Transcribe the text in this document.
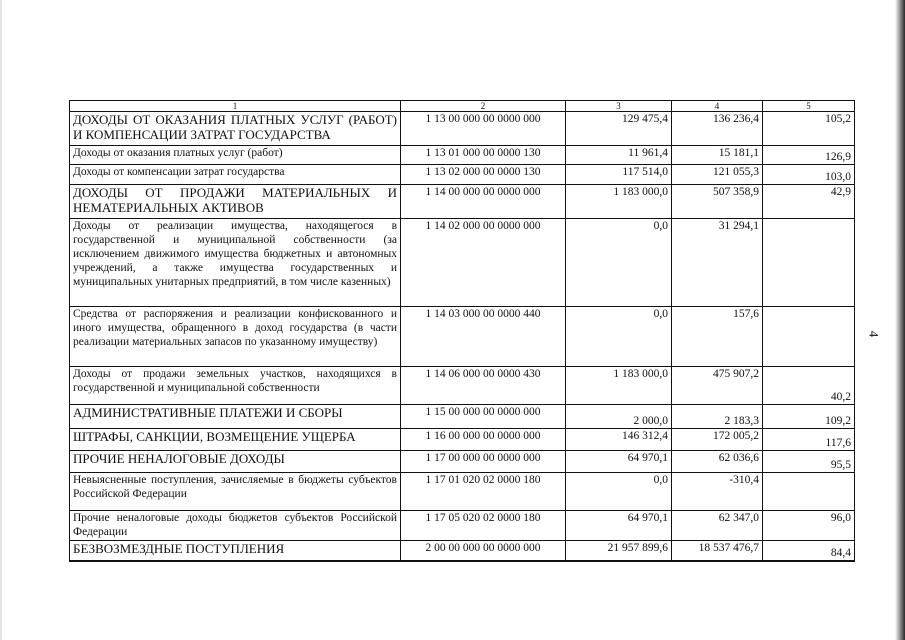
4
1	2	3	4	5
ДОХОДЫ ОТ ОКАЗАНИЯ ПЛАТНЫХ УСЛУГ (РАБОТ) И КОМПЕНСАЦИИ ЗАТРАТ ГОСУДАРСТВА	1 13 00 000 00 0000 000	129 475,4	136 236,4	105,2
Доходы от оказания платных услуг (работ)	1 13 01 000 00 0000 130	11 961,4	15 181,1	126,9
Доходы от компенсации затрат государства	1 13 02 000 00 0000 130	117 514,0	121 055,3	103,0
ДОХОДЫ ОТ ПРОДАЖИ МАТЕРИАЛЬНЫХ И НЕМАТЕРИАЛЬНЫХ АКТИВОВ	1 14 00 000 00 0000 000	1 183 000,0	507 358,9	42,9
Доходы от реализации имущества, находящегося в государственной и муниципальной собственности (за исключением движимого имущества бюджетных и автономных учреждений, а также имущества государственных и муниципальных унитарных предприятий, в том числе казенных)	1 14 02 000 00 0000 000	0,0	31 294,1	
Средства от распоряжения и реализации конфискованного и иного имущества, обращенного в доход государства (в части реализации материальных запасов по указанному имуществу)	1 14 03 000 00 0000 440	0,0	157,6	
Доходы от продажи земельных участков, находящихся в государственной и муниципальной собственности	1 14 06 000 00 0000 430	1 183 000,0	475 907,2	40,2
АДМИНИСТРАТИВНЫЕ ПЛАТЕЖИ И СБОРЫ	1 15 00 000 00 0000 000	2 000,0	2 183,3	109,2
ШТРАФЫ, САНКЦИИ, ВОЗМЕЩЕНИЕ УЩЕРБА	1 16 00 000 00 0000 000	146 312,4	172 005,2	117,6
ПРОЧИЕ НЕНАЛОГОВЫЕ ДОХОДЫ	1 17 00 000 00 0000 000	64 970,1	62 036,6	95,5
Невыясненные поступления, зачисляемые в бюджеты субъектов Российской Федерации	1 17 01 020 02 0000 180	0,0	-310,4	
Прочие неналоговые доходы бюджетов субъектов Российской Федерации	1 17 05 020 02 0000 180	64 970,1	62 347,0	96,0
БЕЗВОЗМЕЗДНЫЕ ПОСТУПЛЕНИЯ	2 00 00 000 00 0000 000	21 957 899,6	18 537 476,7	84,4
